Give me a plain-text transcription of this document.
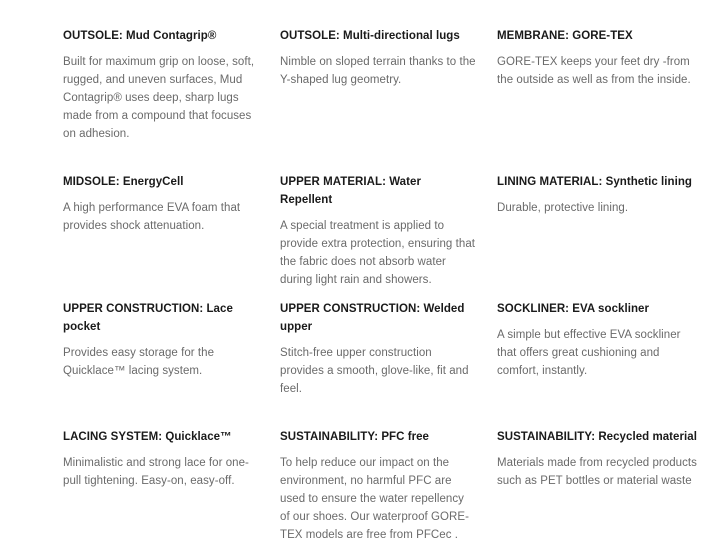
OUTSOLE: Mud Contagrip®

Built for maximum grip on loose, soft, rugged, and uneven surfaces, Mud Contagrip® uses deep, sharp lugs made from a compound that focuses on adhesion.

OUTSOLE: Multi-directional lugs

Nimble on sloped terrain thanks to the Y-shaped lug geometry.

MEMBRANE: GORE-TEX

GORE-TEX keeps your feet dry -from the outside as well as from the inside.

MIDSOLE: EnergyCell

A high performance EVA foam that provides shock attenuation.

UPPER MATERIAL: Water Repellent

A special treatment is applied to provide extra protection, ensuring that the fabric does not absorb water during light rain and showers.

LINING MATERIAL: Synthetic lining

Durable, protective lining.

UPPER CONSTRUCTION: Lace pocket

Provides easy storage for the Quicklace™ lacing system.

UPPER CONSTRUCTION: Welded upper

Stitch-free upper construction provides a smooth, glove-like, fit and feel.

SOCKLINER: EVA sockliner

A simple but effective EVA sockliner that offers great cushioning and comfort, instantly.

LACING SYSTEM: Quicklace™

Minimalistic and strong lace for one-pull tightening. Easy-on, easy-off.

SUSTAINABILITY: PFC free

To help reduce our impact on the environment, no harmful PFC are used to ensure the water repellency of our shoes. Our waterproof GORE-TEX models are free from PFCec .

SUSTAINABILITY: Recycled material

Materials made from recycled products such as PET bottles or material waste
